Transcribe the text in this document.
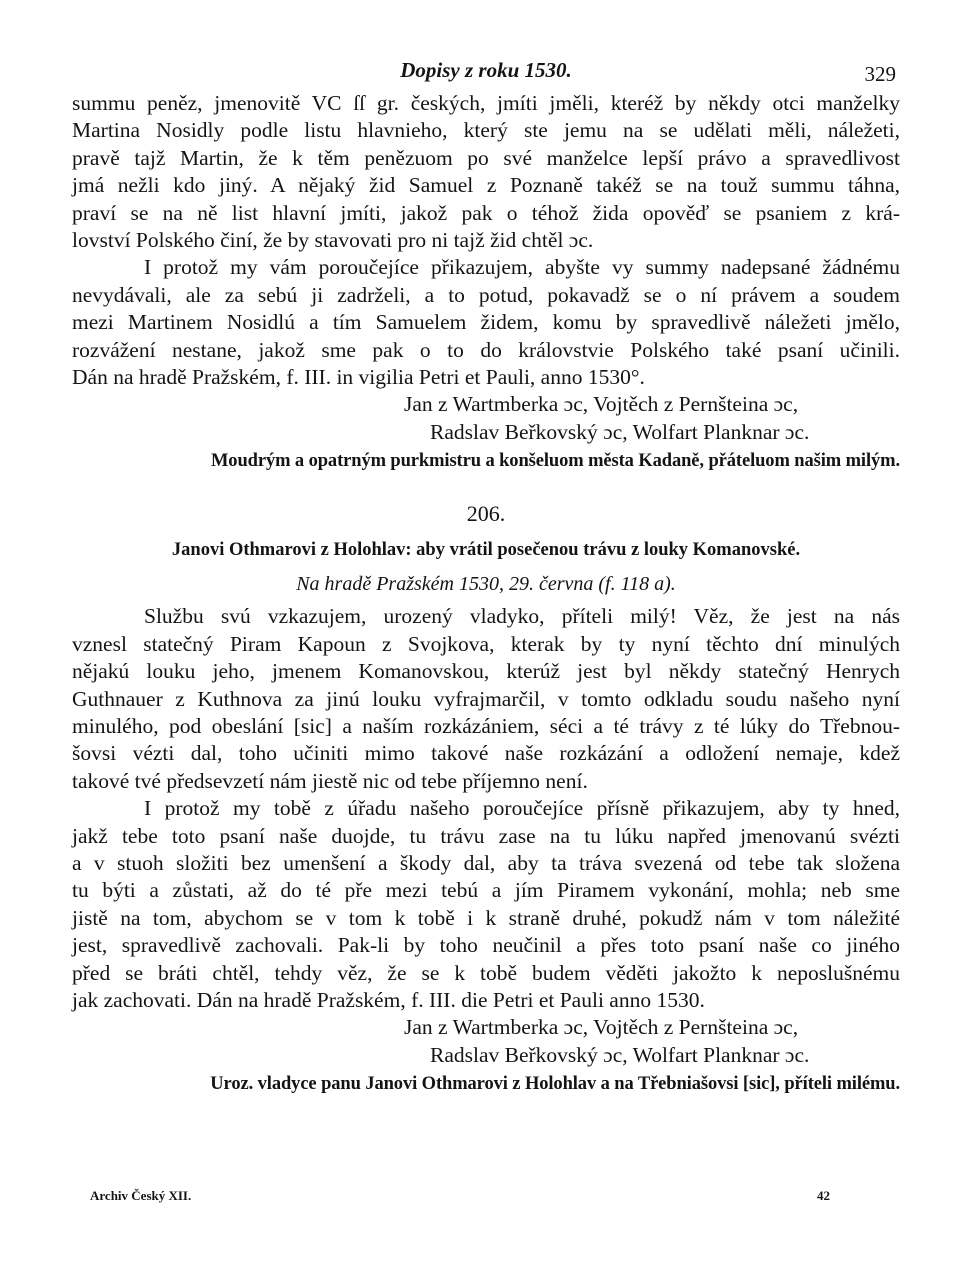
Dopisy z roku 1530.	329
summu peněz, jmenovitě VC ſſ gr. českých, jmíti jměli, kteréž by někdy otci manželky
Martina Nosidly podle listu hlavnieho, který ste jemu na se udělati měli, náležeti,
pravě tajž Martin, že k těm penězuom po své manželce lepší právo a spravedlivost
jmá nežli kdo jiný. A nějaký žid Samuel z Poznaně takéž se na touž summu táhna,
praví se na ně list hlavní jmíti, jakož pak o téhož žida opověď se psaniem z krá-
lovství Polského činí, že by stavovati pro ni tajž žid chtěl ɔc.
I protož my vám poroučejíce přikazujem, abyšte vy summy nadepsané žádnému
nevydávali, ale za sebú ji zadrželi, a to potud, pokavadž se o ní právem a soudem
mezi Martinem Nosidlú a tím Samuelem židem, komu by spravedlivě náležeti jmělo,
rozvážení nestane, jakož sme pak o to do královstvie Polského také psaní učinili.
Dán na hradě Pražském, f. III. in vigilia Petri et Pauli, anno 1530°.
Jan z Wartmberka ɔc, Vojtěch z Pernšteina ɔc,
Radslav Beřkovský ɔc, Wolfart Planknar ɔc.
Moudrým a opatrným purkmistru a konšeluom města Kadaně, přáteluom našim milým.
206.
Janovi Othmarovi z Holohlav: aby vrátil posečenou trávu z louky Komanovské.
Na hradě Pražském 1530, 29. června (f. 118 a).
Službu svú vzkazujem, urozený vladyko, příteli milý! Věz, že jest na nás
vznesl statečný Piram Kapoun z Svojkova, kterak by ty nyní těchto dní minulých
nějakú louku jeho, jmenem Komanovskou, kterúž jest byl někdy statečný Henrych
Guthnauer z Kuthnova za jinú louku vyfrajmarčil, v tomto odkladu soudu našeho nyní
minulého, pod obeslání [sic] a naším rozkázániem, séci a té trávy z té lúky do Třebnou-
šovsi vézti dal, toho učiniti mimo takové naše rozkázání a odložení nemaje, kdež
takové tvé předsevzetí nám jiestě nic od tebe příjemno není.
I protož my tobě z úřadu našeho poroučejíce přísně přikazujem, aby ty hned,
jakž tebe toto psaní naše duojde, tu trávu zase na tu lúku napřed jmenovanú svézti
a v stuoh složiti bez umenšení a škody dal, aby ta tráva svezená od tebe tak složena
tu býti a zůstati, až do té pře mezi tebú a jím Piramem vykonání, mohla; neb sme
jistě na tom, abychom se v tom k tobě i k straně druhé, pokudž nám v tom náležité
jest, spravedlivě zachovali. Pak-li by toho neučinil a přes toto psaní naše co jiného
před se bráti chtěl, tehdy věz, že se k tobě budem věděti jakožto k neposlušnému
jak zachovati. Dán na hradě Pražském, f. III. die Petri et Pauli anno 1530.
Jan z Wartmberka ɔc, Vojtěch z Pernšteina ɔc,
Radslav Beřkovský ɔc, Wolfart Planknar ɔc.
Uroz. vladyce panu Janovi Othmarovi z Holohlav a na Třebniašovsi [sic], příteli milému.
Archiv Český XII.	42
